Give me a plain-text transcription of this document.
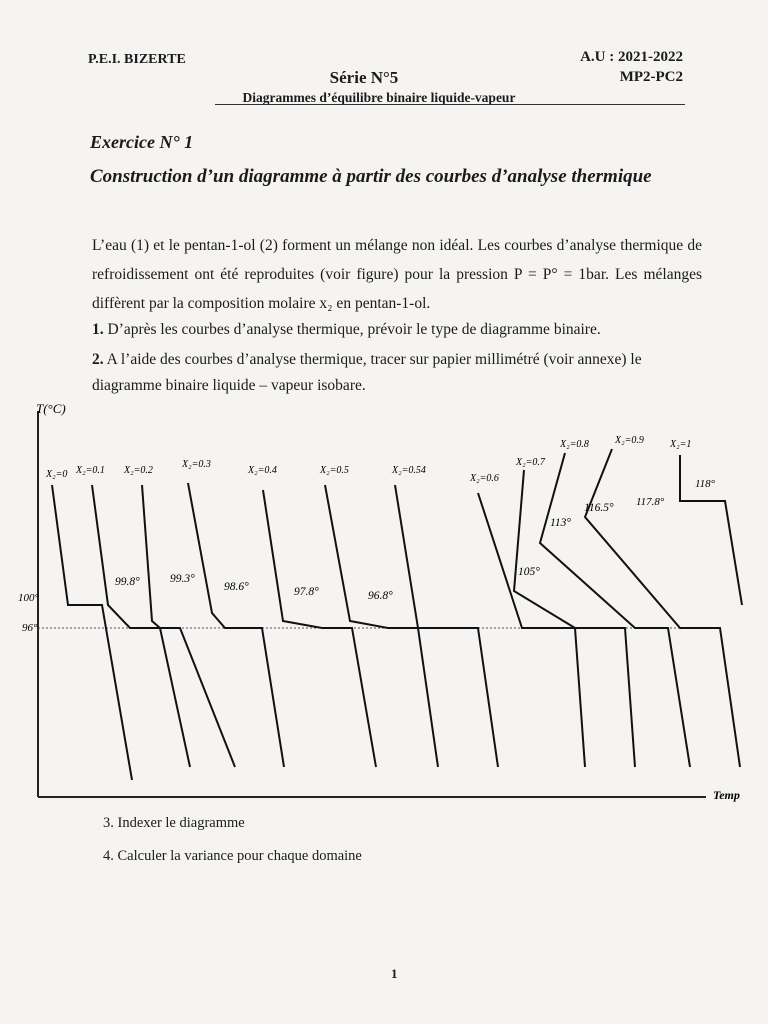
P.E.I. BIZERTE	A.U : 2021-2022
MP2-PC2
Série N°5
Diagrammes d’équilibre binaire liquide-vapeur
Exercice N° 1
Construction d’un diagramme à partir des courbes d’analyse thermique
L’eau (1) et le pentan-1-ol (2) forment un mélange non idéal. Les courbes d’analyse thermique de refroidissement ont été reproduites (voir figure) pour la pression P = P° = 1bar. Les mélanges diffèrent par la composition molaire x₂ en pentan-1-ol.
1. D’après les courbes d’analyse thermique, prévoir le type de diagramme binaire.
2. A l’aide des courbes d’analyse thermique, tracer sur papier millimétré (voir annexe) le diagramme binaire liquide – vapeur isobare.
T(°C)
Temp
100°
96°
X₂=0 X₂=0.1
99.8°
X₂=0.2
99.3°
X₂=0.3
98.6°
X₂=0.4
97.8°
X₂=0.5
96.8°
X₂=0.54
X₂=0.6
X₂=0.7
105°
X₂=0.8
113°
X₂=0.9
116.5°
X₂=1
117.8°
118°
3. Indexer le diagramme
4. Calculer la variance pour chaque domaine
1
